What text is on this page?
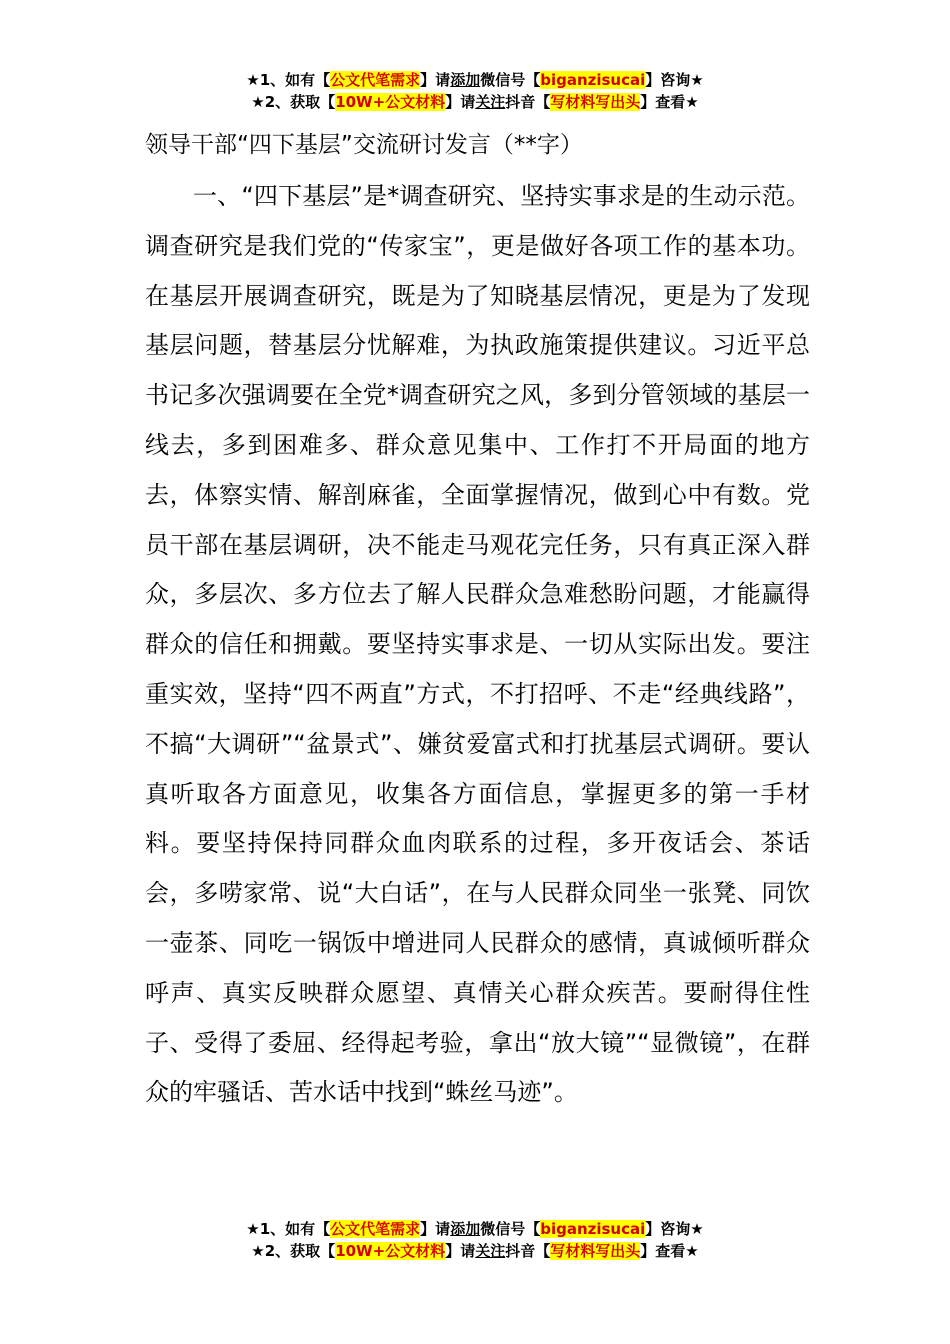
★1、如有【公文代笔需求】请添加微信号【biganzisucai】咨询★
★2、获取【10W+公文材料】请关注抖音【写材料写出头】查看★
领导干部“四下基层”交流研讨发言（**字）

一、“四下基层”是*调查研究、坚持实事求是的生动示范。调查研究是我们党的“传家宝”，更是做好各项工作的基本功。在基层开展调查研究，既是为了知晓基层情况，更是为了发现基层问题，替基层分忧解难，为执政施策提供建议。习近平总书记多次强调要在全党*调查研究之风，多到分管领域的基层一线去，多到困难多、群众意见集中、工作打不开局面的地方去，体察实情、解剖麻雀，全面掌握情况，做到心中有数。党员干部在基层调研，决不能走马观花完任务，只有真正深入群众，多层次、多方位去了解人民群众急难愁盼问题，才能赢得群众的信任和拥戴。要坚持实事求是、一切从实际出发。要注重实效，坚持“四不两直”方式，不打招呼、不走“经典线路”，不搞“大调研”“盆景式”、嫌贫爱富式和打扰基层式调研。要认真听取各方面意见，收集各方面信息，掌握更多的第一手材料。要坚持保持同群众血肉联系的过程，多开夜话会、茶话会，多唠家常、说“大白话”，在与人民群众同坐一张凳、同饮一壶茶、同吃一锅饭中增进同人民群众的感情，真诚倾听群众呼声、真实反映群众愿望、真情关心群众疾苦。要耐得住性子、受得了委屈、经得起考验，拿出“放大镜”“显微镜”，在群众的牢骚话、苦水话中找到“蛛丝马迹”。

★1、如有【公文代笔需求】请添加微信号【biganzisucai】咨询★
★2、获取【10W+公文材料】请关注抖音【写材料写出头】查看★
